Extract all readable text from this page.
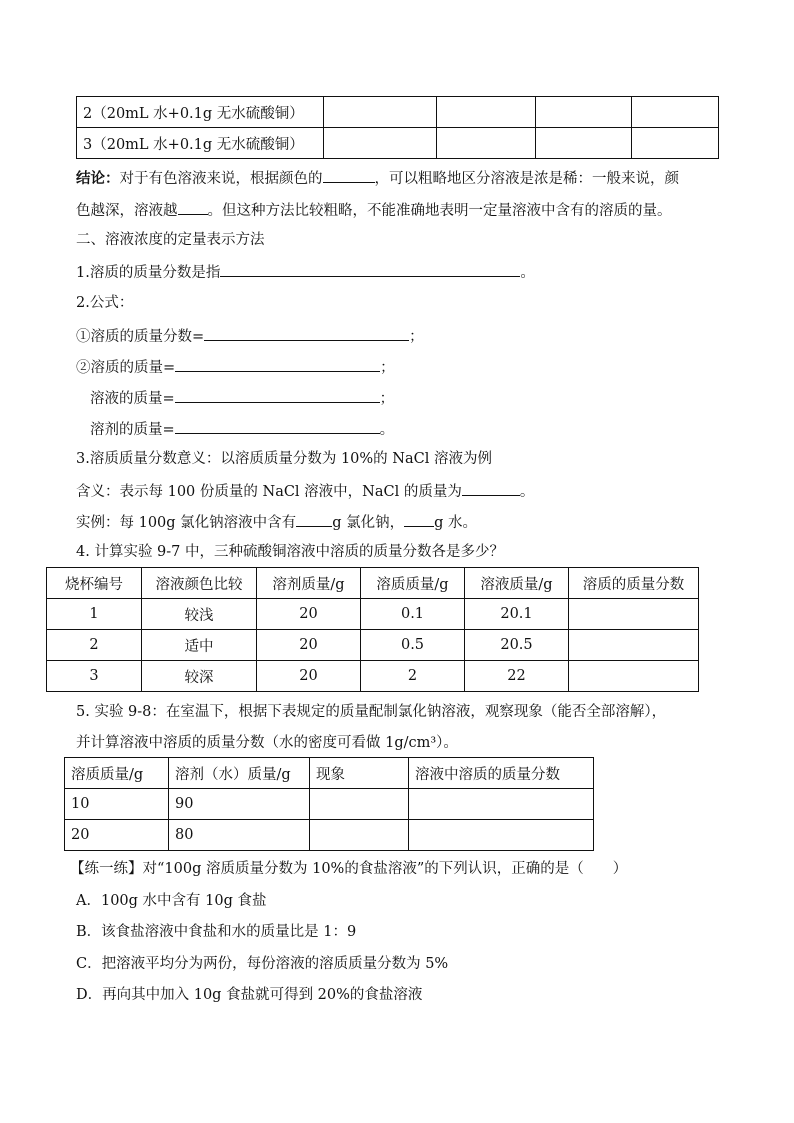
2（20mL 水+0.1g 无水硫酸铜）				
3（20mL 水+0.1g 无水硫酸铜）				
结论：对于有色溶液来说，根据颜色的	，可以粗略地区分溶液是浓是稀：一般来说，颜
色越深，溶液越 。但这种方法比较粗略，不能准确地表明一定量溶液中含有的溶质的量。
二、溶液浓度的定量表示方法
1.溶质的质量分数是指	。
2.公式：
①溶质的质量分数=	；
②溶质的质量=	；
溶液的质量=	；
溶剂的质量=	。
3.溶质质量分数意义：以溶质质量分数为 10%的 NaCl 溶液为例
含义：表示每 100 份质量的 NaCl 溶液中，NaCl 的质量为	。
实例：每 100g 氯化钠溶液中含有 g 氯化钠， g 水。
4. 计算实验 9-7 中，三种硫酸铜溶液中溶质的质量分数各是多少？
烧杯编号	溶液颜色比较	溶剂质量/g	溶质质量/g	溶液质量/g	溶质的质量分数
1	较浅	20	0.1	20.1	
2	适中	20	0.5	20.5	
3	较深	20	2	22	
5. 实验 9-8：在室温下，根据下表规定的质量配制氯化钠溶液，观察现象（能否全部溶解），
并计算溶液中溶质的质量分数（水的密度可看做 1g/cm³）。
溶质质量/g	溶剂（水）质量/g	现象	溶液中溶质的质量分数
10	90		
20	80		
【练一练】对“100g 溶质质量分数为 10%的食盐溶液”的下列认识，正确的是（　　）
A．100g 水中含有 10g 食盐
B．该食盐溶液中食盐和水的质量比是 1：9
C．把溶液平均分为两份，每份溶液的溶质质量分数为 5%
D．再向其中加入 10g 食盐就可得到 20%的食盐溶液
